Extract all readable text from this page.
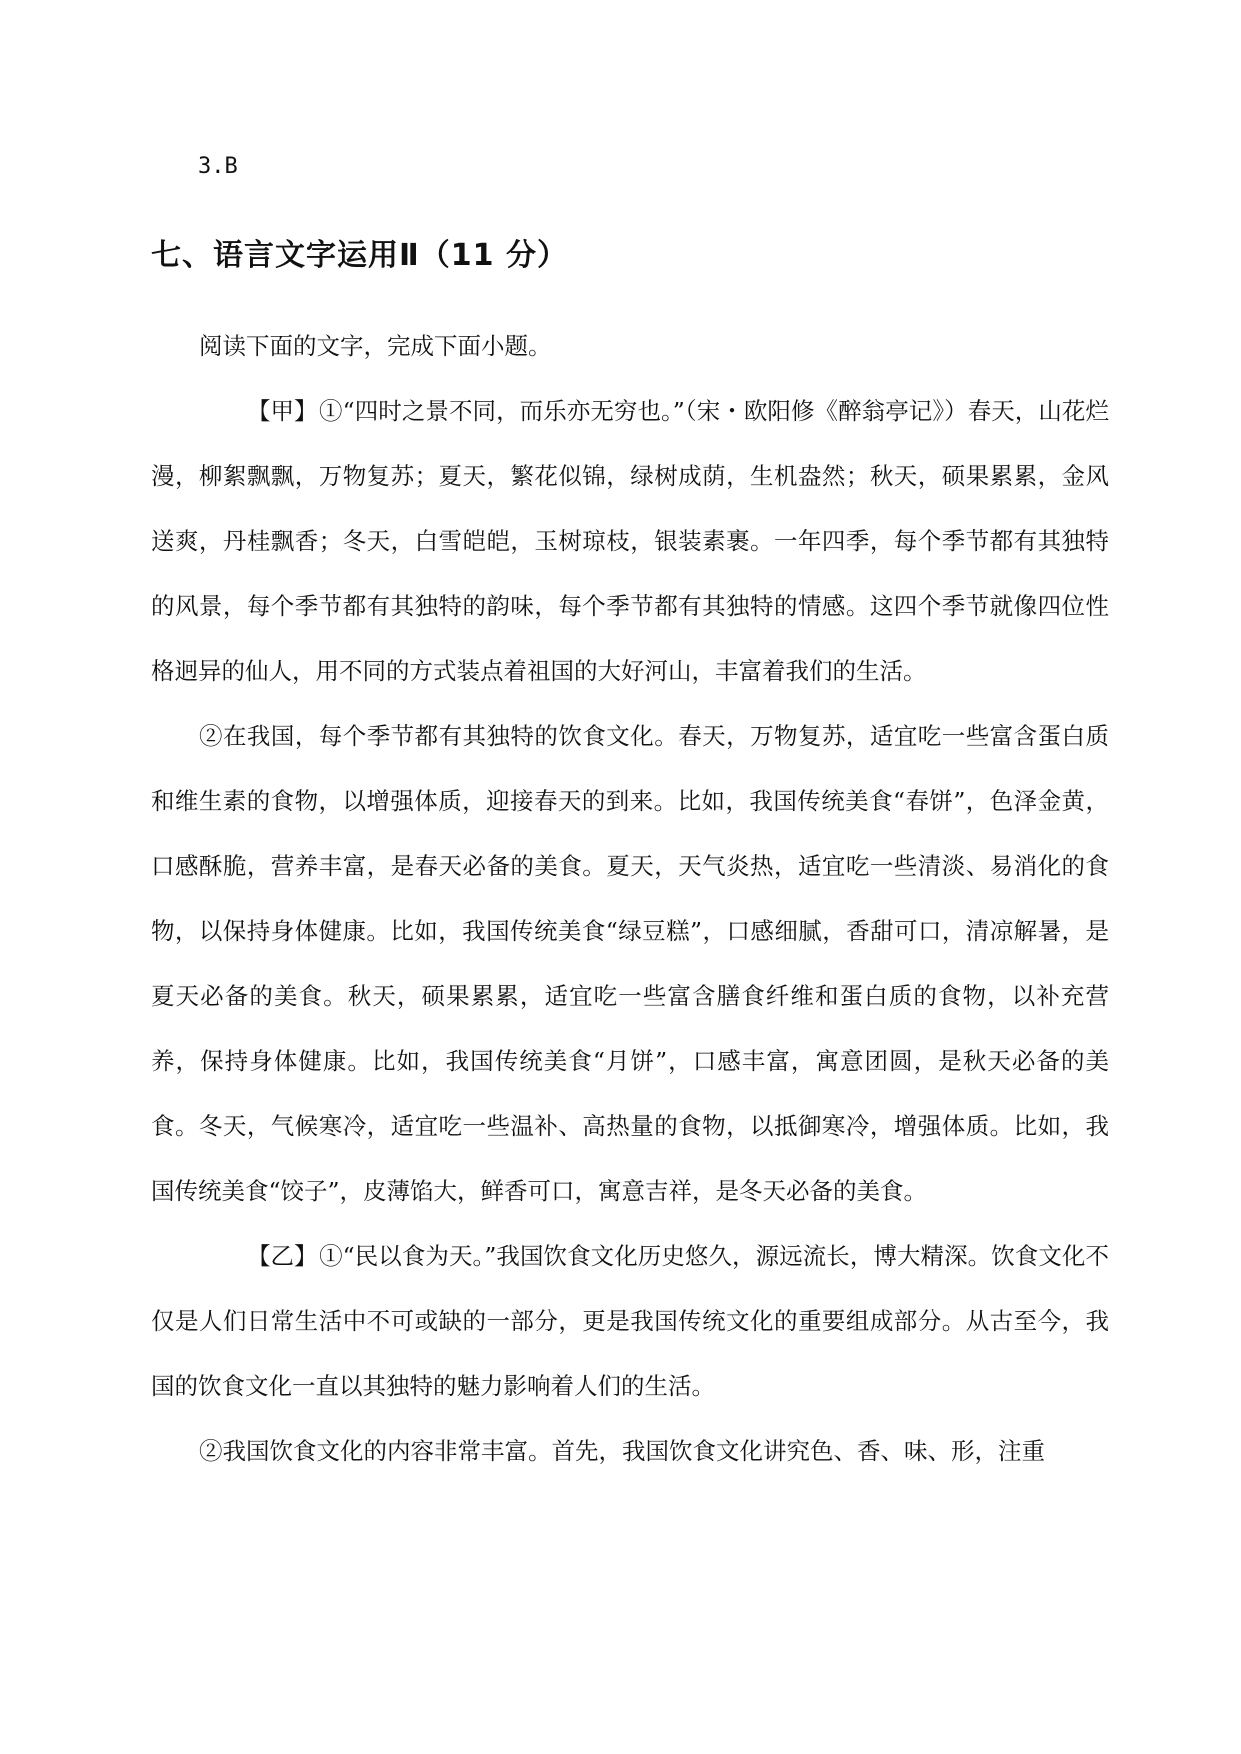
3.B
七、语言文字运用Ⅱ（11 分）

阅读下面的文字，完成下面小题。

【甲】①“四时之景不同，而乐亦无穷也。”（宋・欧阳修《醉翁亭记》）春天，山花烂漫，柳絮飘飘，万物复苏；夏天，繁花似锦，绿树成荫，生机盎然；秋天，硕果累累，金风送爽，丹桂飘香；冬天，白雪皑皑，玉树琼枝，银装素裹。一年四季，每个季节都有其独特的风景，每个季节都有其独特的韵味，每个季节都有其独特的情感。这四个季节就像四位性格迥异的仙人，用不同的方式装点着祖国的大好河山，丰富着我们的生活。

②在我国，每个季节都有其独特的饮食文化。春天，万物复苏，适宜吃一些富含蛋白质和维生素的食物，以增强体质，迎接春天的到来。比如，我国传统美食“春饼”，色泽金黄，口感酥脆，营养丰富，是春天必备的美食。夏天，天气炎热，适宜吃一些清淡、易消化的食物，以保持身体健康。比如，我国传统美食“绿豆糕”，口感细腻，香甜可口，清凉解暑，是夏天必备的美食。秋天，硕果累累，适宜吃一些富含膳食纤维和蛋白质的食物，以补充营养，保持身体健康。比如，我国传统美食“月饼”，口感丰富，寓意团圆，是秋天必备的美食。冬天，气候寒冷，适宜吃一些温补、高热量的食物，以抵御寒冷，增强体质。比如，我国传统美食“饺子”，皮薄馅大，鲜香可口，寓意吉祥，是冬天必备的美食。

【乙】①“民以食为天。”我国饮食文化历史悠久，源远流长，博大精深。饮食文化不仅是人们日常生活中不可或缺的一部分，更是我国传统文化的重要组成部分。从古至今，我国的饮食文化一直以其独特的魅力影响着人们的生活。

②我国饮食文化的内容非常丰富。首先，我国饮食文化讲究色、香、味、形，注重
